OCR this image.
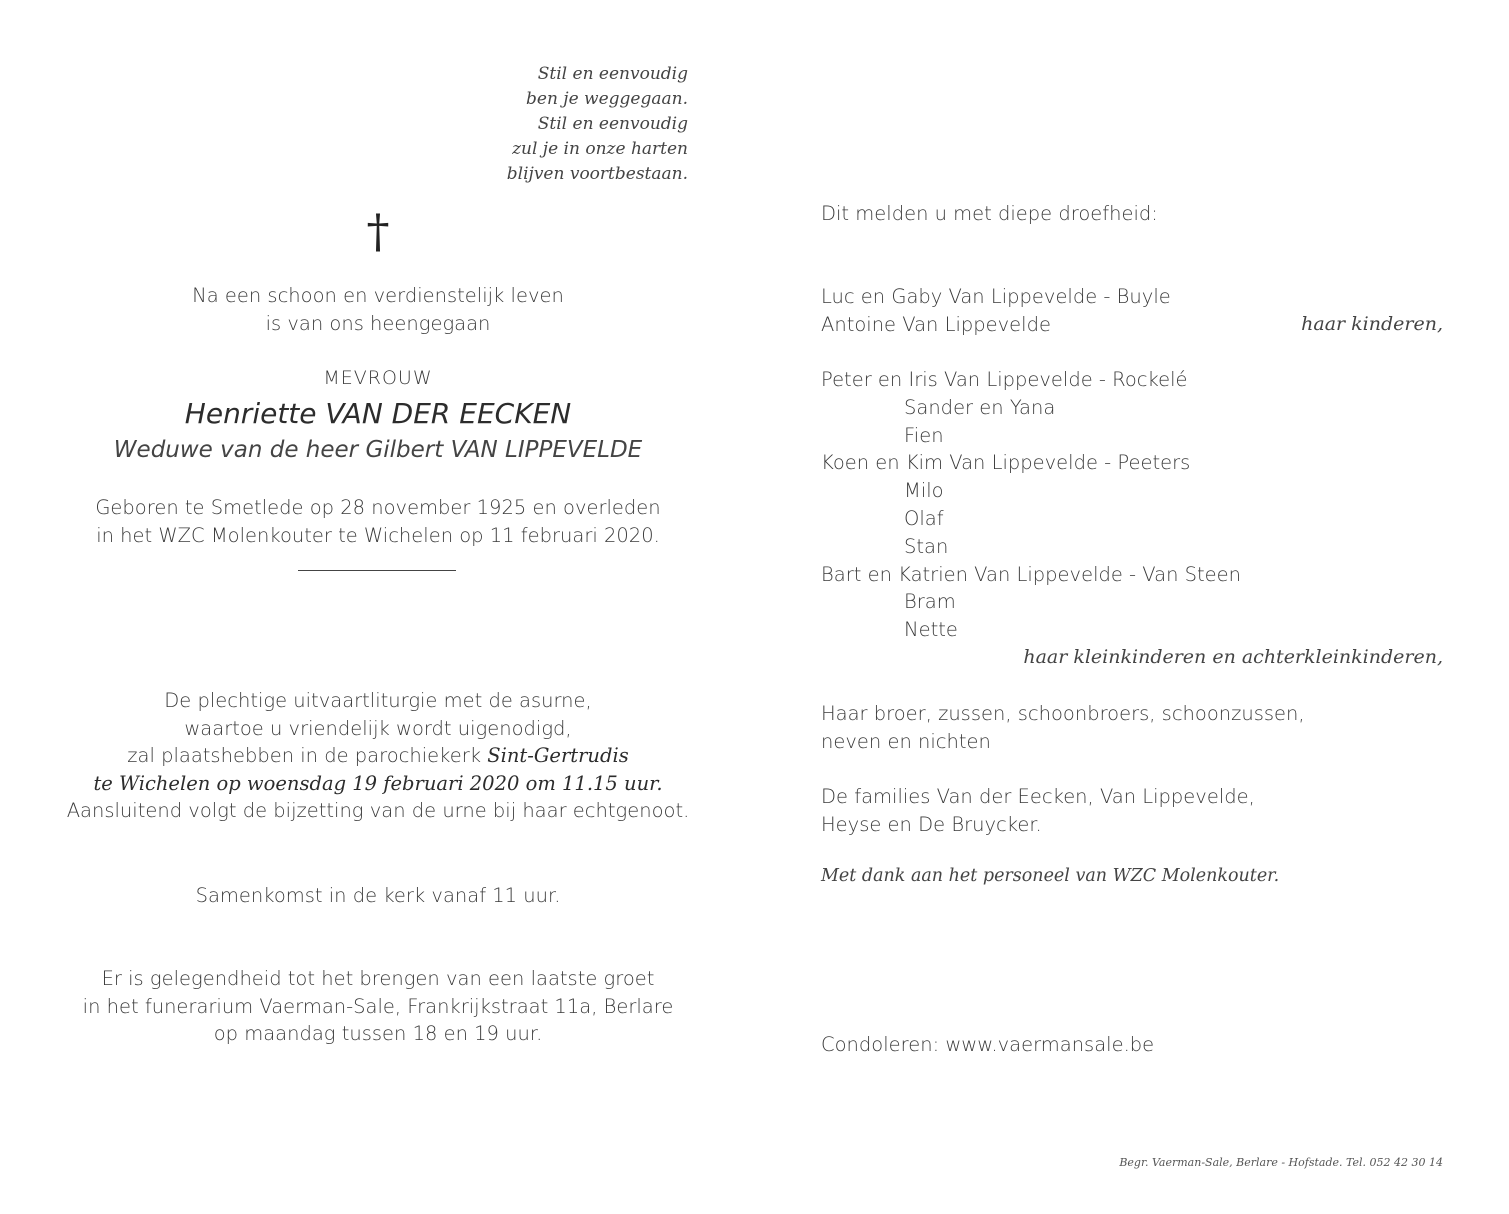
Stil en eenvoudig
ben je weggegaan.
Stil en eenvoudig
zul je in onze harten
blijven voortbestaan.
†
Na een schoon en verdienstelijk leven
is van ons heengegaan
MEVROUW
Henriette VAN DER EECKEN
Weduwe van de heer Gilbert VAN LIPPEVELDE
Geboren te Smetlede op 28 november 1925 en overleden
in het WZC Molenkouter te Wichelen op 11 februari 2020.
De plechtige uitvaartliturgie met de asurne,
waartoe u vriendelijk wordt uigenodigd,
zal plaatshebben in de parochiekerk Sint-Gertrudis
te Wichelen op woensdag 19 februari 2020 om 11.15 uur.
Aansluitend volgt de bijzetting van de urne bij haar echtgenoot.
Samenkomst in de kerk vanaf 11 uur.
Er is gelegendheid tot het brengen van een laatste groet
in het funerarium Vaerman-Sale, Frankrijkstraat 11a, Berlare
op maandag tussen 18 en 19 uur.
Dit melden u met diepe droefheid:
Luc en Gaby Van Lippevelde - Buyle
Antoine Van Lippevelde	haar kinderen,
Peter en Iris Van Lippevelde - Rockelé
Sander en Yana
Fien
Koen en Kim Van Lippevelde - Peeters
Milo
Olaf
Stan
Bart en Katrien Van Lippevelde - Van Steen
Bram
Nette
haar kleinkinderen en achterkleinkinderen,
Haar broer, zussen, schoonbroers, schoonzussen,
neven en nichten
De families Van der Eecken, Van Lippevelde,
Heyse en De Bruycker.
Met dank aan het personeel van WZC Molenkouter.
Condoleren: www.vaermansale.be
Begr. Vaerman-Sale, Berlare - Hofstade. Tel. 052 42 30 14
